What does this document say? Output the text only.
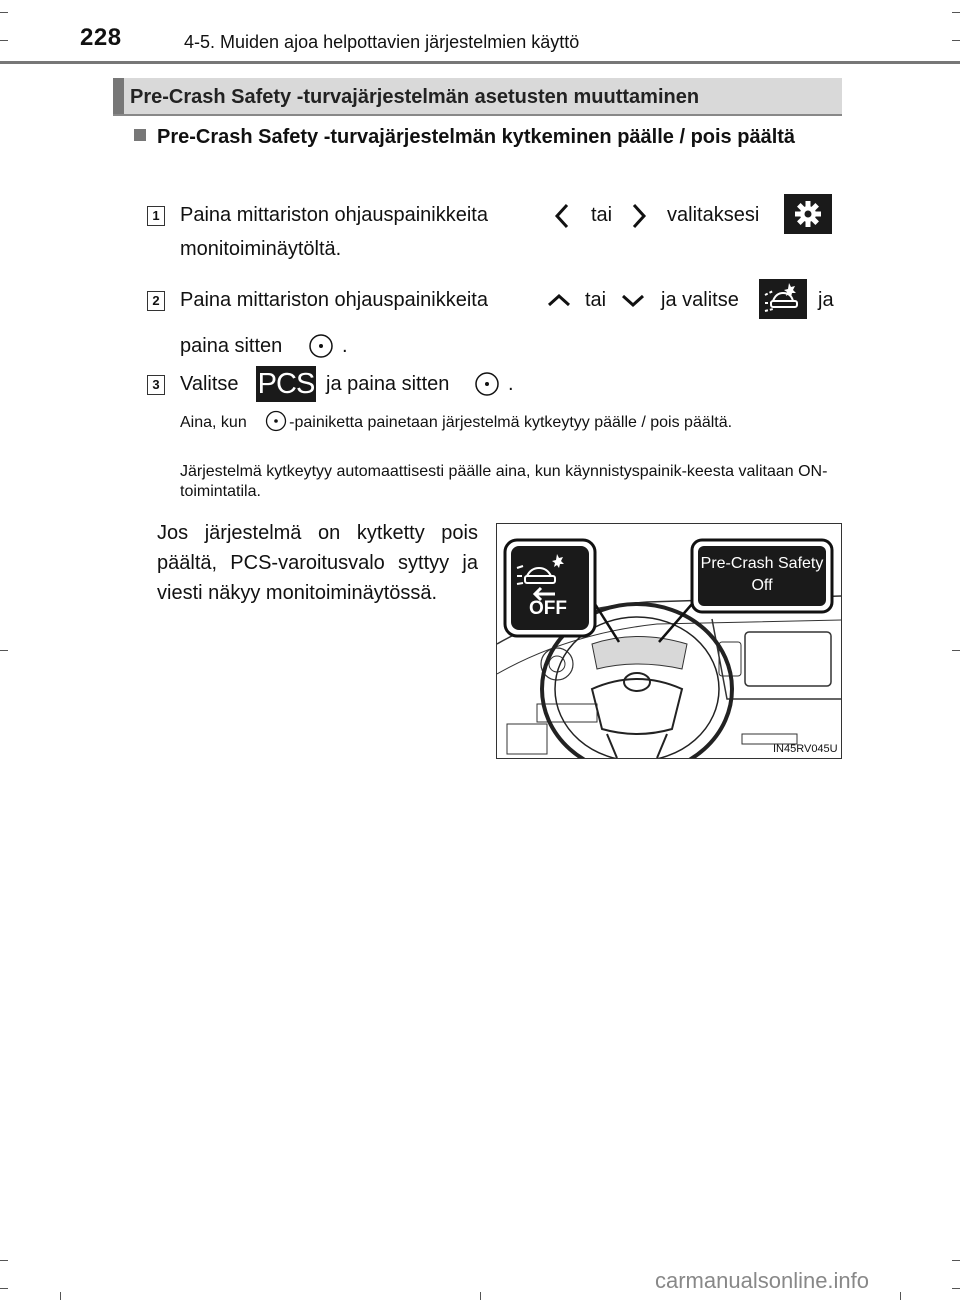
228	4-5. Muiden ajoa helpottavien järjestelmien käyttö
Pre-Crash Safety -turvajärjestelmän asetusten muuttaminen
Pre-Crash Safety -turvajärjestelmän kytkeminen päälle / pois päältä
1 Paina mittariston ohjauspainikkeita	tai	valitaksesi
monitoiminäytöltä.
2 Paina mittariston ohjauspainikkeita	tai	ja valitse	ja
paina sitten	.
3 Valitse PCS ja paina sitten	.
Aina, kun	-painiketta painetaan järjestelmä kytkeytyy päälle / pois päältä.
Järjestelmä kytkeytyy automaattisesti päälle aina, kun käynnistyspainik-keesta valitaan ON-toimintatila.
Jos järjestelmä on kytketty pois päältä, PCS-varoitusvalo syttyy ja viesti näkyy monitoiminäytössä.
OFF
Pre-Crash Safety
Off
IN45RV045U
carmanualsonline.info
